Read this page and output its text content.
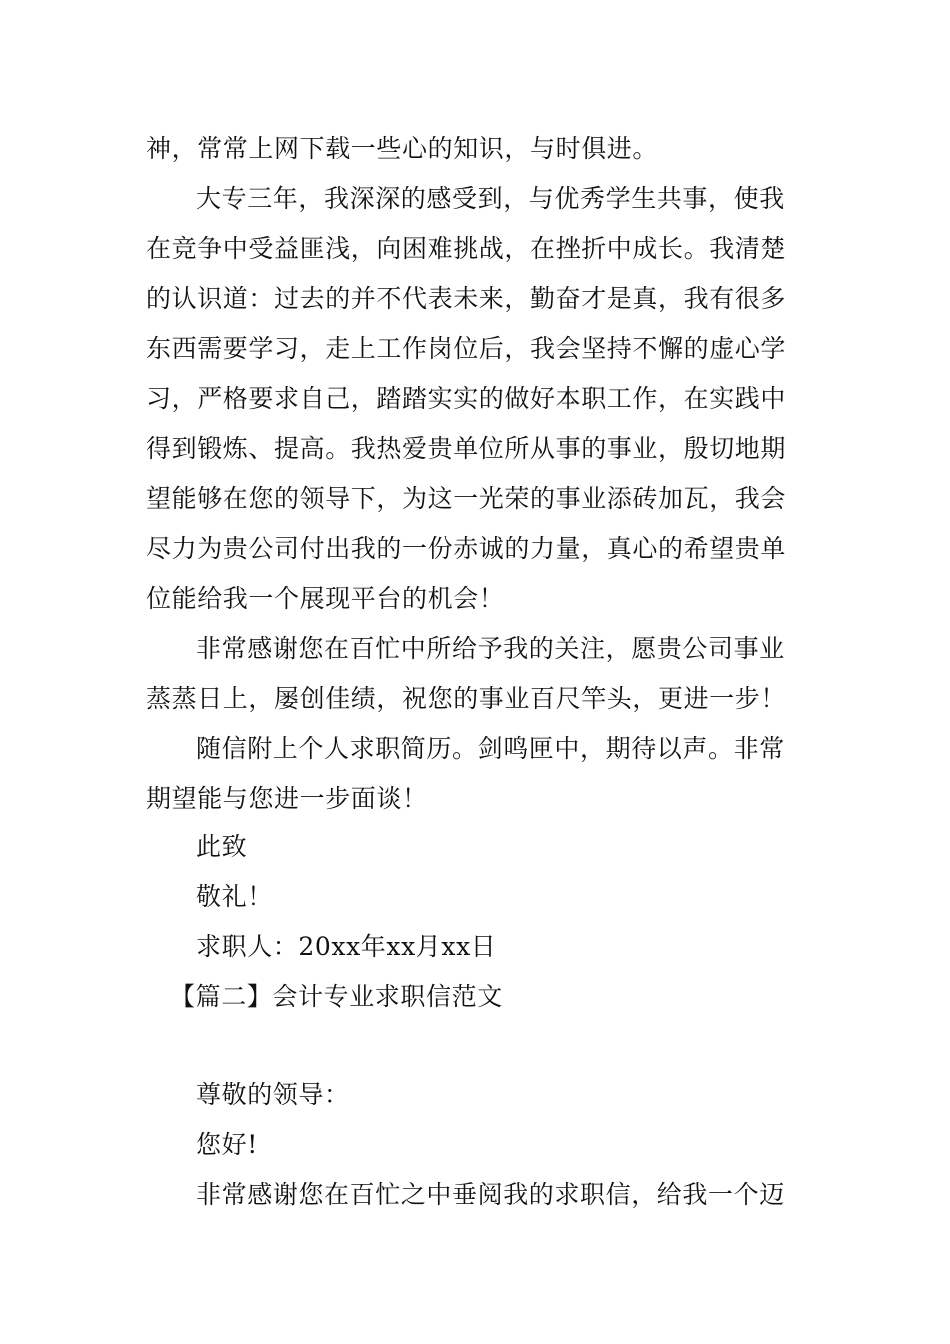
神，常常上网下载一些心的知识，与时俱进。
大专三年，我深深的感受到，与优秀学生共事，使我
在竞争中受益匪浅，向困难挑战，在挫折中成长。我清楚
的认识道：过去的并不代表未来，勤奋才是真，我有很多
东西需要学习，走上工作岗位后，我会坚持不懈的虚心学
习，严格要求自己，踏踏实实的做好本职工作，在实践中
得到锻炼、提高。我热爱贵单位所从事的事业，殷切地期
望能够在您的领导下，为这一光荣的事业添砖加瓦，我会
尽力为贵公司付出我的一份赤诚的力量，真心的希望贵单
位能给我一个展现平台的机会！
非常感谢您在百忙中所给予我的关注，愿贵公司事业
蒸蒸日上，屡创佳绩，祝您的事业百尺竿头，更进一步！
随信附上个人求职简历。剑鸣匣中，期待以声。非常
期望能与您进一步面谈！
此致
敬礼！
求职人：20xx年xx月xx日
【篇二】会计专业求职信范文
尊敬的领导：
您好!
非常感谢您在百忙之中垂阅我的求职信，给我一个迈
